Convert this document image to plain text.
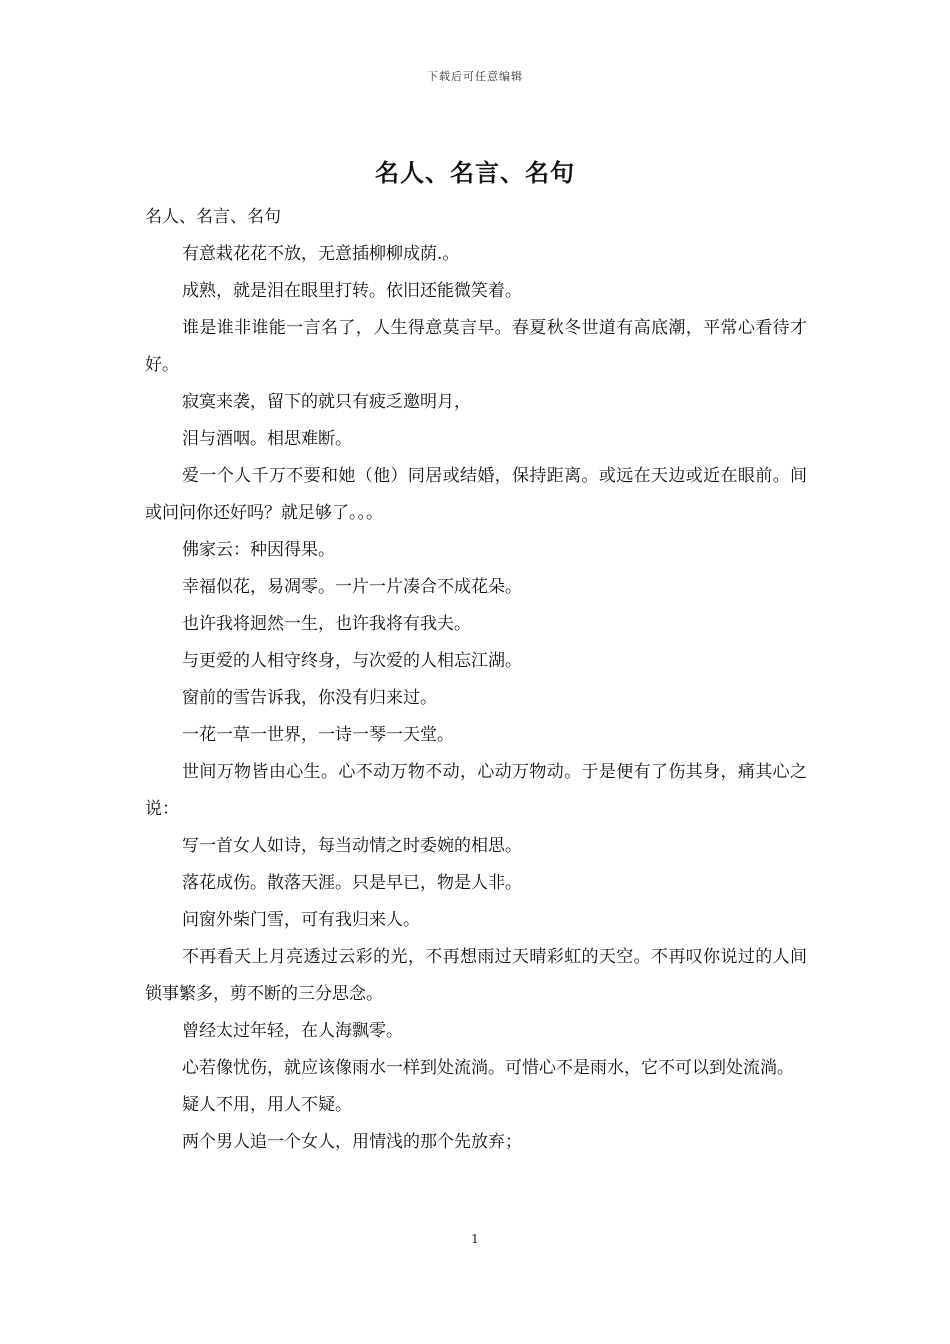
下载后可任意编辑
名人、名言、名句

名人、名言、名句

有意栽花花不放，无意插柳柳成荫.。

成熟，就是泪在眼里打转。依旧还能微笑着。

谁是谁非谁能一言名了，人生得意莫言早。春夏秋冬世道有高底潮，平常心看待才好。

寂寞来袭，留下的就只有疲乏邀明月，

泪与酒咽。相思难断。

爱一个人千万不要和她（他）同居或结婚，保持距离。或远在天边或近在眼前。间或问问你还好吗？就足够了。。。

佛家云：种因得果。

幸福似花，易凋零。一片一片凑合不成花朵。

也许我将迥然一生，也许我将有我夫。

与更爱的人相守终身，与次爱的人相忘江湖。

窗前的雪告诉我，你没有归来过。

一花一草一世界，一诗一琴一天堂。

世间万物皆由心生。心不动万物不动，心动万物动。于是便有了伤其身，痛其心之说：

写一首女人如诗，每当动情之时委婉的相思。

落花成伤。散落天涯。只是早已，物是人非。

问窗外柴门雪，可有我归来人。

不再看天上月亮透过云彩的光，不再想雨过天晴彩虹的天空。不再叹你说过的人间锁事繁多，剪不断的三分思念。

曾经太过年轻，在人海飘零。

心若像忧伤，就应该像雨水一样到处流淌。可惜心不是雨水，它不可以到处流淌。

疑人不用，用人不疑。

两个男人追一个女人，用情浅的那个先放弃；

1
